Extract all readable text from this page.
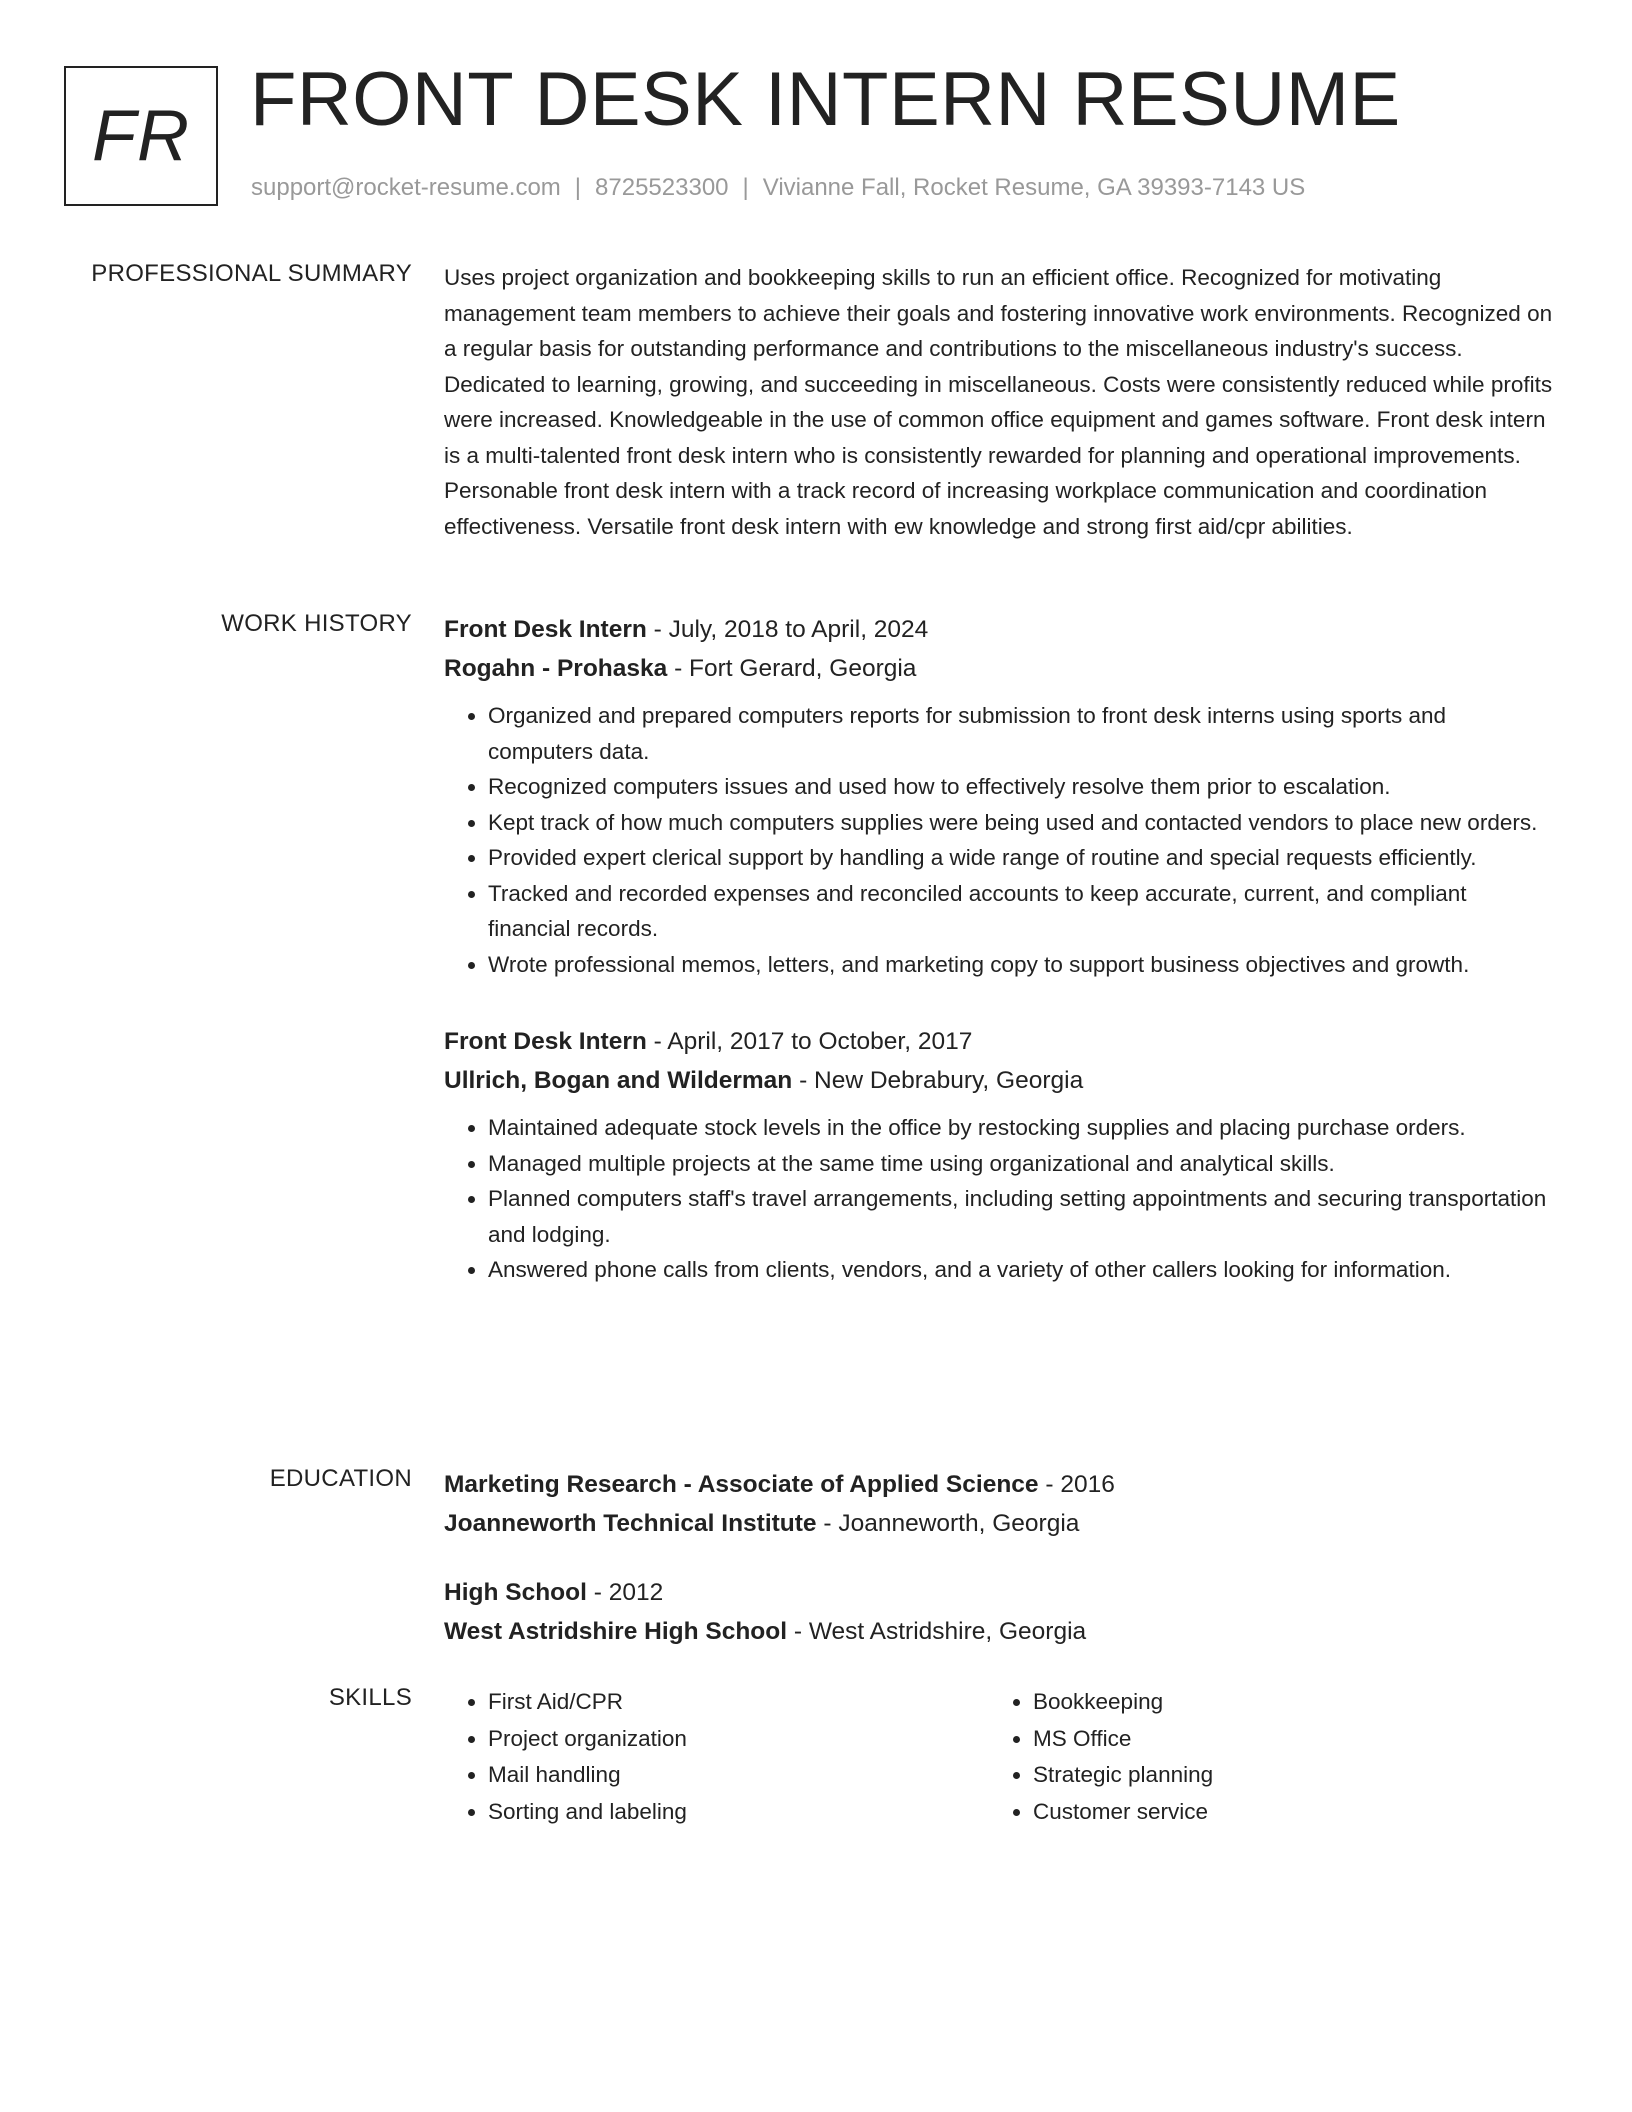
FR FRONT DESK INTERN RESUME
support@rocket-resume.com | 8725523300 | Vivianne Fall, Rocket Resume, GA 39393-7143 US
PROFESSIONAL SUMMARY Uses project organization and bookkeeping skills to run an efficient office. Recognized for motivating management team members to achieve their goals and fostering innovative work environments. Recognized on a regular basis for outstanding performance and contributions to the miscellaneous industry's success. Dedicated to learning, growing, and succeeding in miscellaneous. Costs were consistently reduced while profits were increased. Knowledgeable in the use of common office equipment and games software. Front desk intern is a multi-talented front desk intern who is consistently rewarded for planning and operational improvements. Personable front desk intern with a track record of increasing workplace communication and coordination effectiveness. Versatile front desk intern with ew knowledge and strong first aid/cpr abilities.

WORK HISTORY Front Desk Intern - July, 2018 to April, 2024
Rogahn - Prohaska - Fort Gerard, Georgia
• Organized and prepared computers reports for submission to front desk interns using sports and computers data.
• Recognized computers issues and used how to effectively resolve them prior to escalation.
• Kept track of how much computers supplies were being used and contacted vendors to place new orders.
• Provided expert clerical support by handling a wide range of routine and special requests efficiently.
• Tracked and recorded expenses and reconciled accounts to keep accurate, current, and compliant financial records.
• Wrote professional memos, letters, and marketing copy to support business objectives and growth.
Front Desk Intern - April, 2017 to October, 2017
Ullrich, Bogan and Wilderman - New Debrabury, Georgia
• Maintained adequate stock levels in the office by restocking supplies and placing purchase orders.
• Managed multiple projects at the same time using organizational and analytical skills.
• Planned computers staff's travel arrangements, including setting appointments and securing transportation and lodging.
• Answered phone calls from clients, vendors, and a variety of other callers looking for information.
EDUCATION Marketing Research - Associate of Applied Science - 2016
Joanneworth Technical Institute - Joanneworth, Georgia
High School - 2012
West Astridshire High School - West Astridshire, Georgia
SKILLS
•	First Aid/CPR
• Project organization
• Mail handling
• Sorting and labeling
• Bookkeeping
• MS Office
• Strategic planning
• Customer service
